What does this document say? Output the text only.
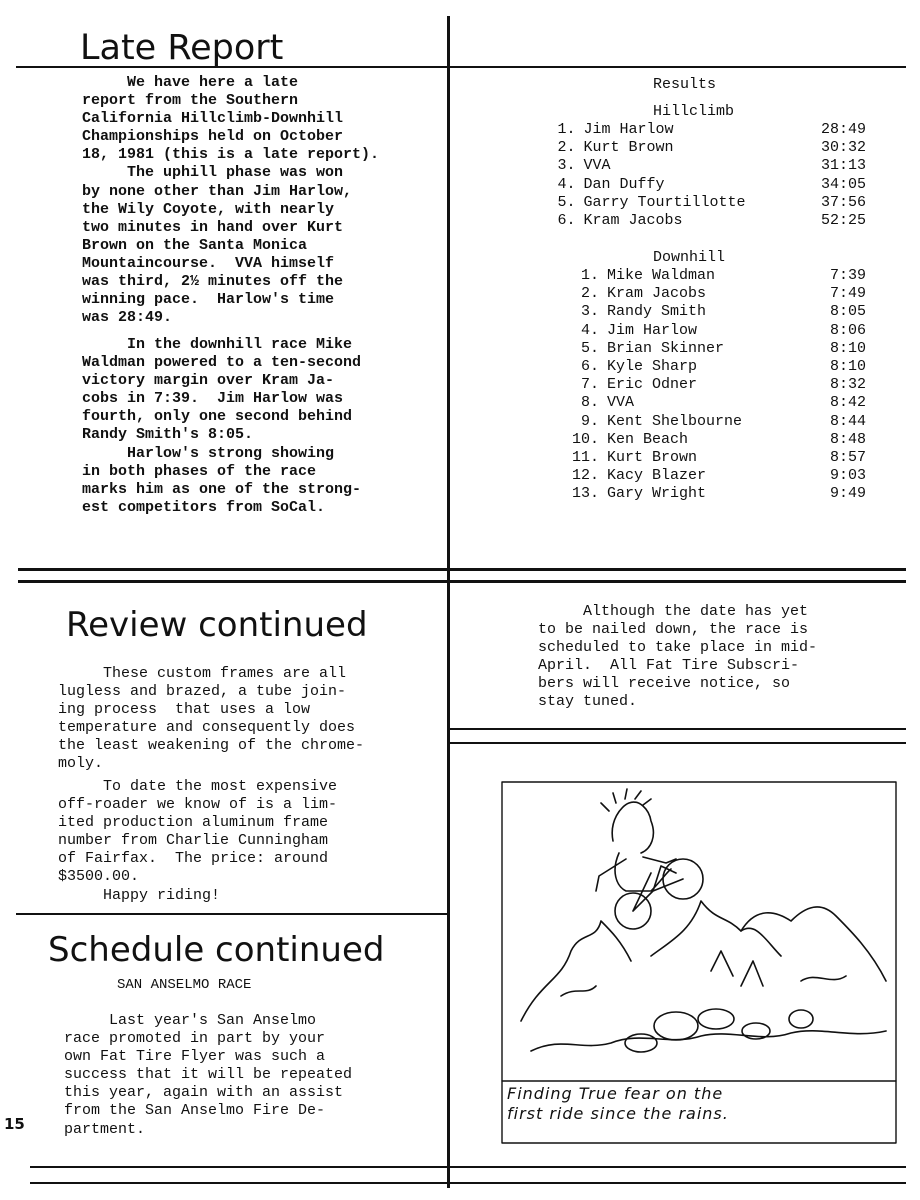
Late Report

We have here a late
report from the Southern
California Hillclimb-Downhill
Championships held on October
18, 1981 (this is a late report).
The uphill phase was won
by none other than Jim Harlow,
the Wily Coyote, with nearly
two minutes in hand over Kurt
Brown on the Santa Monica
Mountaincourse.  VVA himself
was third, 2½ minutes off the
winning pace.  Harlow's time
was 28:49.

In the downhill race Mike
Waldman powered to a ten-second
victory margin over Kram Ja-
cobs in 7:39.  Jim Harlow was
fourth, only one second behind
Randy Smith's 8:05.
Harlow's strong showing
in both phases of the race
marks him as one of the strong-
est competitors from SoCal.

Results
Hillclimb
1.	Jim Harlow	28:49
2.	Kurt Brown	30:32
3.	VVA	31:13
4.	Dan Duffy	34:05
5.	Garry Tourtillotte	37:56
6.	Kram Jacobs	52:25
Downhill
1.	Mike Waldman	7:39
2.	Kram Jacobs	7:49
3.	Randy Smith	8:05
4.	Jim Harlow	8:06
5.	Brian Skinner	8:10
6.	Kyle Sharp	8:10
7.	Eric Odner	8:32
8.	VVA	8:42
9.	Kent Shelbourne	8:44
10.	Ken Beach	8:48
11.	Kurt Brown	8:57
12.	Kacy Blazer	9:03
13.	Gary Wright	9:49
Review continued

These custom frames are all
lugless and brazed, a tube join-
ing process  that uses a low
temperature and consequently does
the least weakening of the chrome-
moly.

To date the most expensive
off-roader we know of is a lim-
ited production aluminum frame
number from Charlie Cunningham
of Fairfax.  The price: around
$3500.00.
Happy riding!

Although the date has yet
to be nailed down, the race is
scheduled to take place in mid-
April.  All Fat Tire Subscri-
bers will receive notice, so
stay tuned.

Schedule continued
SAN ANSELMO RACE

Last year's San Anselmo
race promoted in part by your
own Fat Tire Flyer was such a
success that it will be repeated
this year, again with an assist
from the San Anselmo Fire De-
partment.

15
Finding True fear on the
first ride since the rains.
